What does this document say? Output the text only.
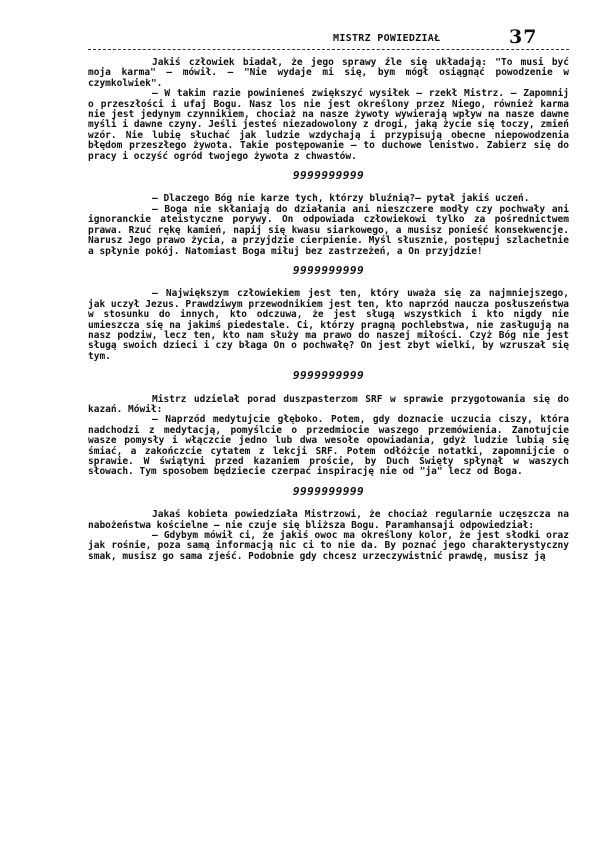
MISTRZ POWIEDZIAŁ	37

Jakiś człowiek biadał, że jego sprawy źle się układają: "To musi być moja karma" – mówił. – "Nie wydaje mi się, bym mógł osiągnąć powodzenie w czymkolwiek".

– W takim razie powinieneś zwiększyć wysiłek – rzekł Mistrz. – Zapomnij o przeszłości i ufaj Bogu. Nasz los nie jest określony przez Niego, również karma nie jest jedynym czynnikiem, chociaż na nasze żywoty wywierają wpływ na nasze dawne myśli i dawne czyny. Jeśli jesteś niezadowolony z drogi, jaką życie się toczy, zmień wzór. Nie lubię słuchać jak ludzie wzdychają i przypisują obecne niepowodzenia błędom przeszłego żywota. Takie postępowanie – to duchowe lenistwo. Zabierz się do pracy i oczyść ogród twojego żywota z chwastów.

9999999999

– Dlaczego Bóg nie karze tych, którzy bluźnią?– pytał jakiś uczeń.

– Boga nie skłaniają do działania ani nieszczere modły czy pochwały ani ignoranckie ateistyczne porywy. On odpowiada człowiekowi tylko za pośrednictwem prawa. Rzuć rękę kamień, napij się kwasu siarkowego, a musisz ponieść konsekwencje. Narusz Jego prawo życia, a przyjdzie cierpienie. Myśl słusznie, postępuj szlachetnie a spłynie pokój. Natomiast Boga miłuj bez zastrzeżeń, a On przyjdzie!

9999999999

– Największym człowiekiem jest ten, który uważa się za najmniejszego, jak uczył Jezus. Prawdziwym przewodnikiem jest ten, kto naprzód naucza posłuszeństwa w stosunku do innych, kto odczuwa, że jest sługą wszystkich i kto nigdy nie umieszcza się na jakimś piedestale. Ci, którzy pragną pochlebstwa, nie zasługują na nasz podziw, lecz ten, kto nam służy ma prawo do naszej miłości. Czyż Bóg nie jest sługą swoich dzieci i czy błaga On o pochwałę? On jest zbyt wielki, by wzruszał się tym.

9999999999

Mistrz udzielał porad duszpasterzom SRF w sprawie przygotowania się do kazań. Mówił:

– Naprzód medytujcie głęboko. Potem, gdy doznacie uczucia ciszy, która nadchodzi z medytacją, pomyślcie o przedmiocie waszego przemówienia. Zanotujcie wasze pomysły i włączcie jedno lub dwa wesołe opowiadania, gdyż ludzie lubią się śmiać, a zakończcie cytatem z lekcji SRF. Potem odłóżcie notatki, zapomnijcie o sprawie. W świątyni przed kazaniem proście, by Duch Święty spłynął w waszych słowach. Tym sposobem będziecie czerpać inspirację nie od "ja" lecz od Boga.

9999999999

Jakaś kobieta powiedziała Mistrzowi, że chociaż regularnie uczęszcza na nabożeństwa kościelne – nie czuje się bliższa Bogu. Paramhansaji odpowiedział:

– Gdybym mówił ci, że jakiś owoc ma określony kolor, że jest słodki oraz jak rośnie, poza samą informacją nic ci to nie da. By poznać jego charakterystyczny smak, musisz go sama zjeść. Podobnie gdy chcesz urzeczywistnić prawdę, musisz ją
